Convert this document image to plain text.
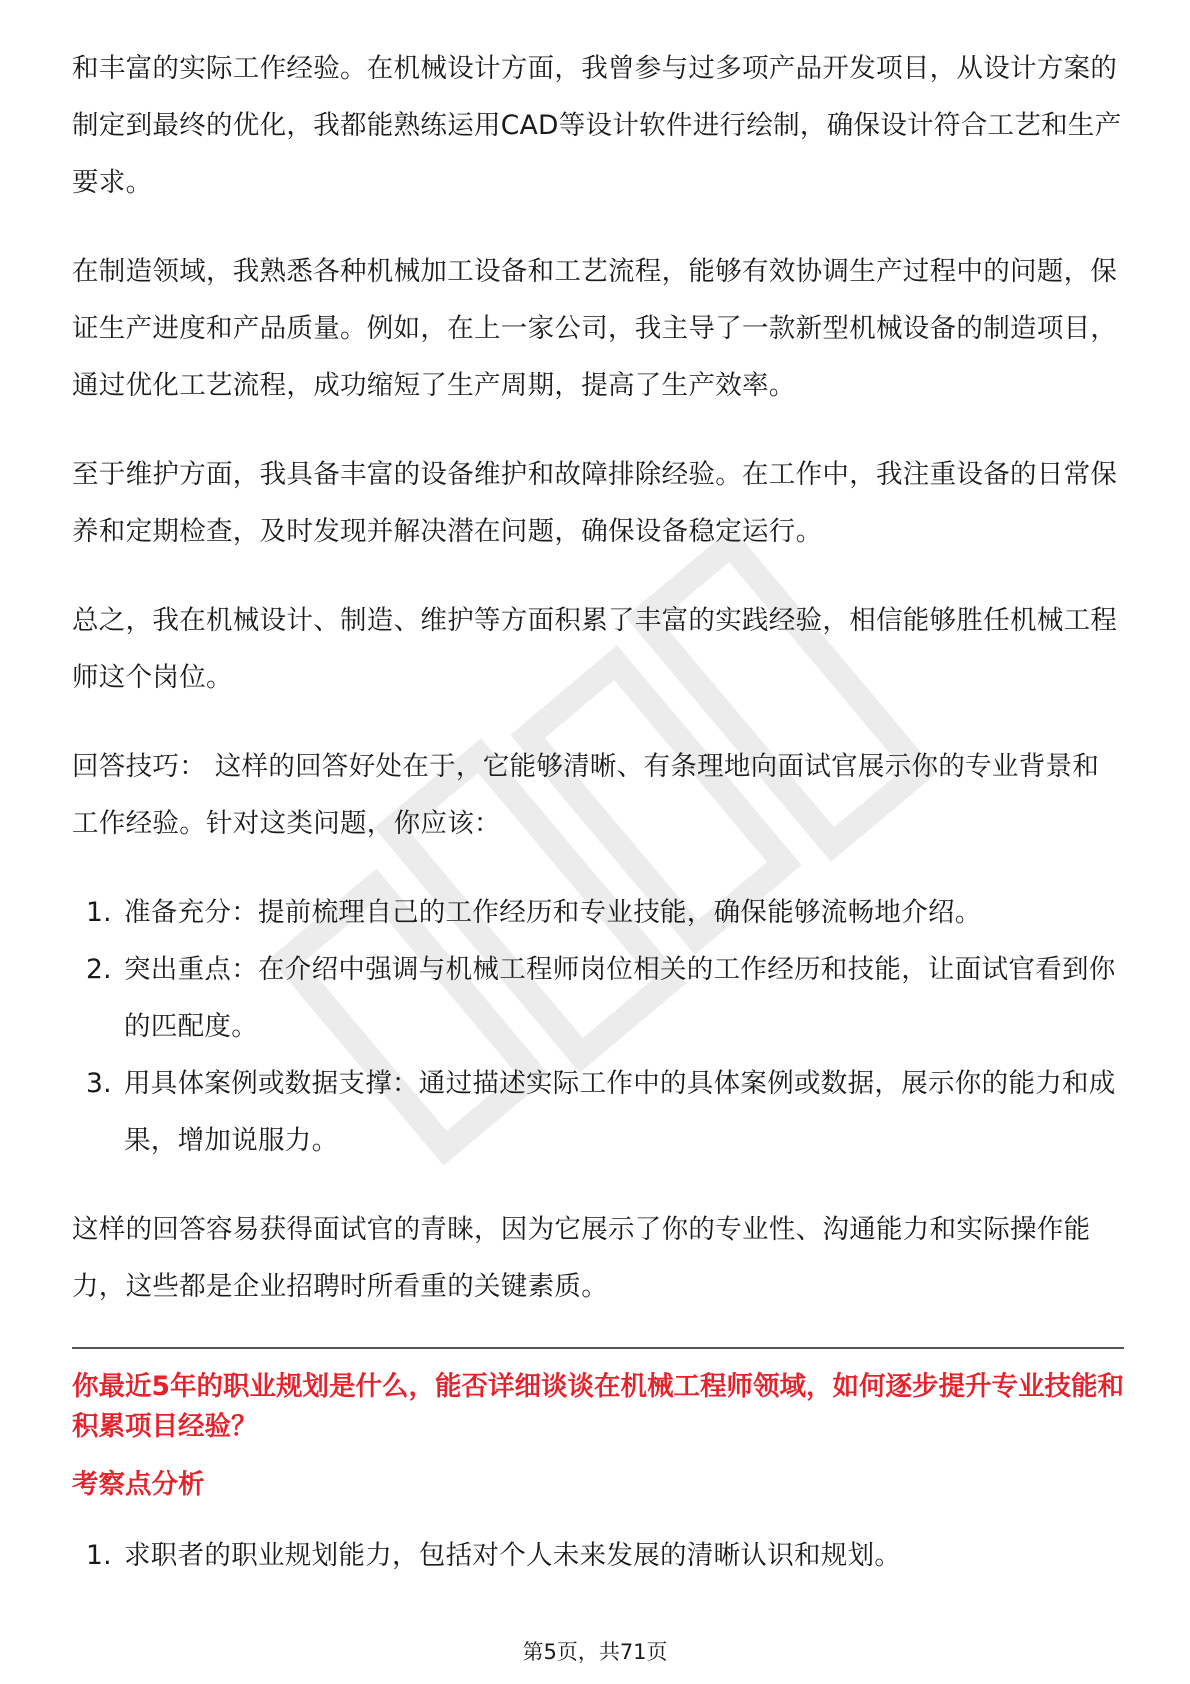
和丰富的实际工作经验。在机械设计方面，我曾参与过多项产品开发项目，从设计方案的制定到最终的优化，我都能熟练运用CAD等设计软件进行绘制，确保设计符合工艺和生产要求。

在制造领域，我熟悉各种机械加工设备和工艺流程，能够有效协调生产过程中的问题，保证生产进度和产品质量。例如，在上一家公司，我主导了一款新型机械设备的制造项目，通过优化工艺流程，成功缩短了生产周期，提高了生产效率。

至于维护方面，我具备丰富的设备维护和故障排除经验。在工作中，我注重设备的日常保养和定期检查，及时发现并解决潜在问题，确保设备稳定运行。

总之，我在机械设计、制造、维护等方面积累了丰富的实践经验，相信能够胜任机械工程师这个岗位。

回答技巧： 这样的回答好处在于，它能够清晰、有条理地向面试官展示你的专业背景和工作经验。针对这类问题，你应该：

1. 准备充分：提前梳理自己的工作经历和专业技能，确保能够流畅地介绍。
2. 突出重点：在介绍中强调与机械工程师岗位相关的工作经历和技能，让面试官看到你的匹配度。
3. 用具体案例或数据支撑：通过描述实际工作中的具体案例或数据，展示你的能力和成果，增加说服力。

这样的回答容易获得面试官的青睐，因为它展示了你的专业性、沟通能力和实际操作能力，这些都是企业招聘时所看重的关键素质。

你最近5年的职业规划是什么，能否详细谈谈在机械工程师领域，如何逐步提升专业技能和积累项目经验？
考察点分析
1. 求职者的职业规划能力，包括对个人未来发展的清晰认识和规划。
第5页，共71页
